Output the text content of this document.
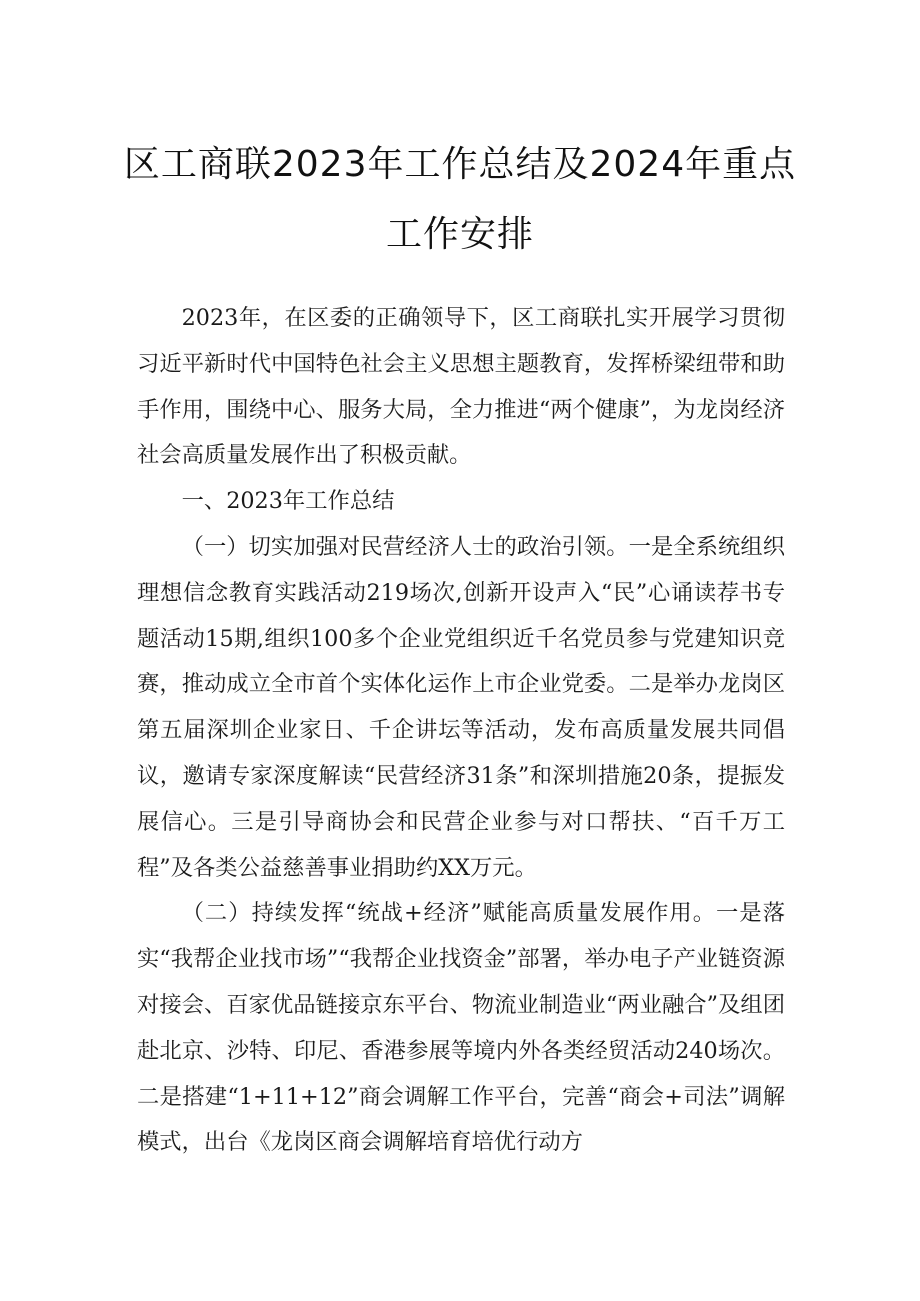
区工商联2023年工作总结及2024年重点
工作安排

2023年，在区委的正确领导下，区工商联扎实开展学习贯彻习近平新时代中国特色社会主义思想主题教育，发挥桥梁纽带和助手作用，围绕中心、服务大局，全力推进“两个健康”，为龙岗经济社会高质量发展作出了积极贡献。

一、2023年工作总结

（一）切实加强对民营经济人士的政治引领。一是全系统组织理想信念教育实践活动219场次,创新开设声入“民”心诵读荐书专题活动15期,组织100多个企业党组织近千名党员参与党建知识竞赛，推动成立全市首个实体化运作上市企业党委。二是举办龙岗区第五届深圳企业家日、千企讲坛等活动，发布高质量发展共同倡议，邀请专家深度解读“民营经济31条”和深圳措施20条，提振发展信心。三是引导商协会和民营企业参与对口帮扶、“百千万工程”及各类公益慈善事业捐助约XX万元。

（二）持续发挥“统战+经济”赋能高质量发展作用。一是落实“我帮企业找市场”“我帮企业找资金”部署，举办电子产业链资源对接会、百家优品链接京东平台、物流业制造业“两业融合”及组团赴北京、沙特、印尼、香港参展等境内外各类经贸活动240场次。二是搭建“1+11+12”商会调解工作平台，完善“商会+司法”调解模式，出台《龙岗区商会调解培育培优行动方
